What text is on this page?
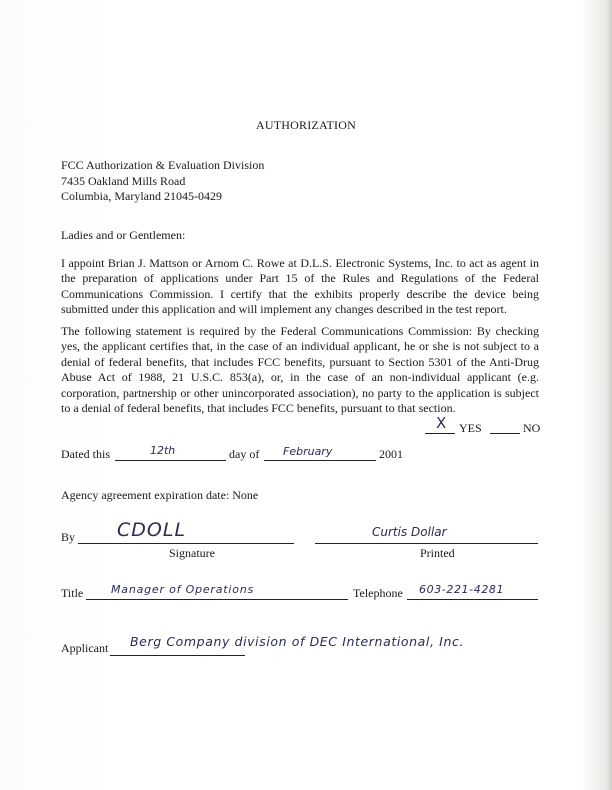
AUTHORIZATION
FCC Authorization & Evaluation Division
7435 Oakland Mills Road
Columbia, Maryland 21045-0429
Ladies and or Gentlemen:
I appoint Brian J. Mattson or Arnom C. Rowe at D.L.S. Electronic Systems, Inc. to act as agent in
the preparation of applications under Part 15 of the Rules and Regulations of the Federal
Communications Commission. I certify that the exhibits properly describe the device being
submitted under this application and will implement any changes described in the test report.
The following statement is required by the Federal Communications Commission: By checking
yes, the applicant certifies that, in the case of an individual applicant, he or she is not subject to a
denial of federal benefits, that includes FCC benefits, pursuant to Section 5301 of the Anti-Drug
Abuse Act of 1988, 21 U.S.C. 853(a), or, in the case of an non-individual applicant (e.g.
corporation, partnership or other unincorporated association), no party to the application is subject
to a denial of federal benefits, that includes FCC benefits, pursuant to that section.
X YES	NO
Dated this	12th	day of February	2001
Agency agreement expiration date: None
By CDOLL
Signature
Curtis Dollar
Printed
Title	Manager of Operations	Telephone 603-221-4281
Applicant Berg Company division of DEC International, Inc.
